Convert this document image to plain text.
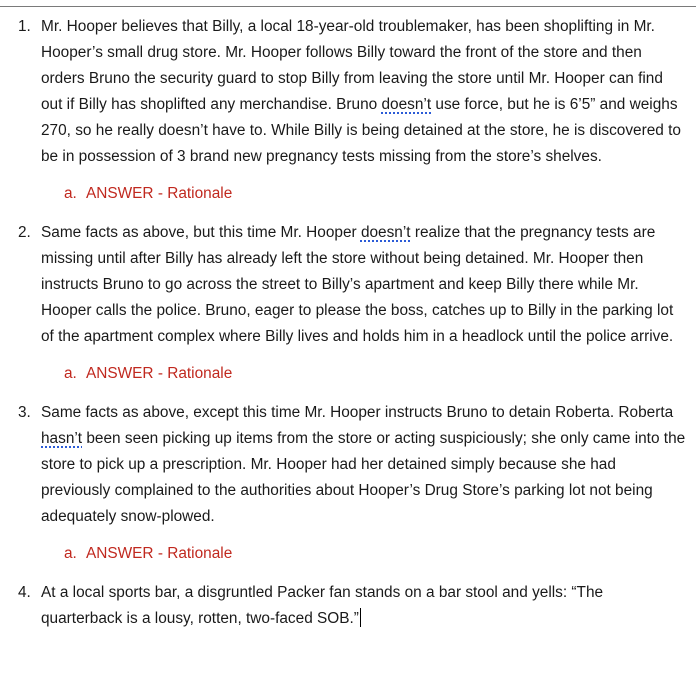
1. Mr. Hooper believes that Billy, a local 18-year-old troublemaker, has been shoplifting in Mr. Hooper’s small drug store. Mr. Hooper follows Billy toward the front of the store and then orders Bruno the security guard to stop Billy from leaving the store until Mr. Hooper can find out if Billy has shoplifted any merchandise. Bruno doesn’t use force, but he is 6’5” and weighs 270, so he really doesn’t have to. While Billy is being detained at the store, he is discovered to be in possession of 3 brand new pregnancy tests missing from the store’s shelves.
a. ANSWER - Rationale
2. Same facts as above, but this time Mr. Hooper doesn’t realize that the pregnancy tests are missing until after Billy has already left the store without being detained. Mr. Hooper then instructs Bruno to go across the street to Billy’s apartment and keep Billy there while Mr. Hooper calls the police. Bruno, eager to please the boss, catches up to Billy in the parking lot of the apartment complex where Billy lives and holds him in a headlock until the police arrive.
a. ANSWER - Rationale
3. Same facts as above, except this time Mr. Hooper instructs Bruno to detain Roberta. Roberta hasn’t been seen picking up items from the store or acting suspiciously; she only came into the store to pick up a prescription. Mr. Hooper had her detained simply because she had previously complained to the authorities about Hooper’s Drug Store’s parking lot not being adequately snow-plowed.
a. ANSWER - Rationale
4. At a local sports bar, a disgruntled Packer fan stands on a bar stool and yells: “The quarterback is a lousy, rotten, two-faced SOB.”
